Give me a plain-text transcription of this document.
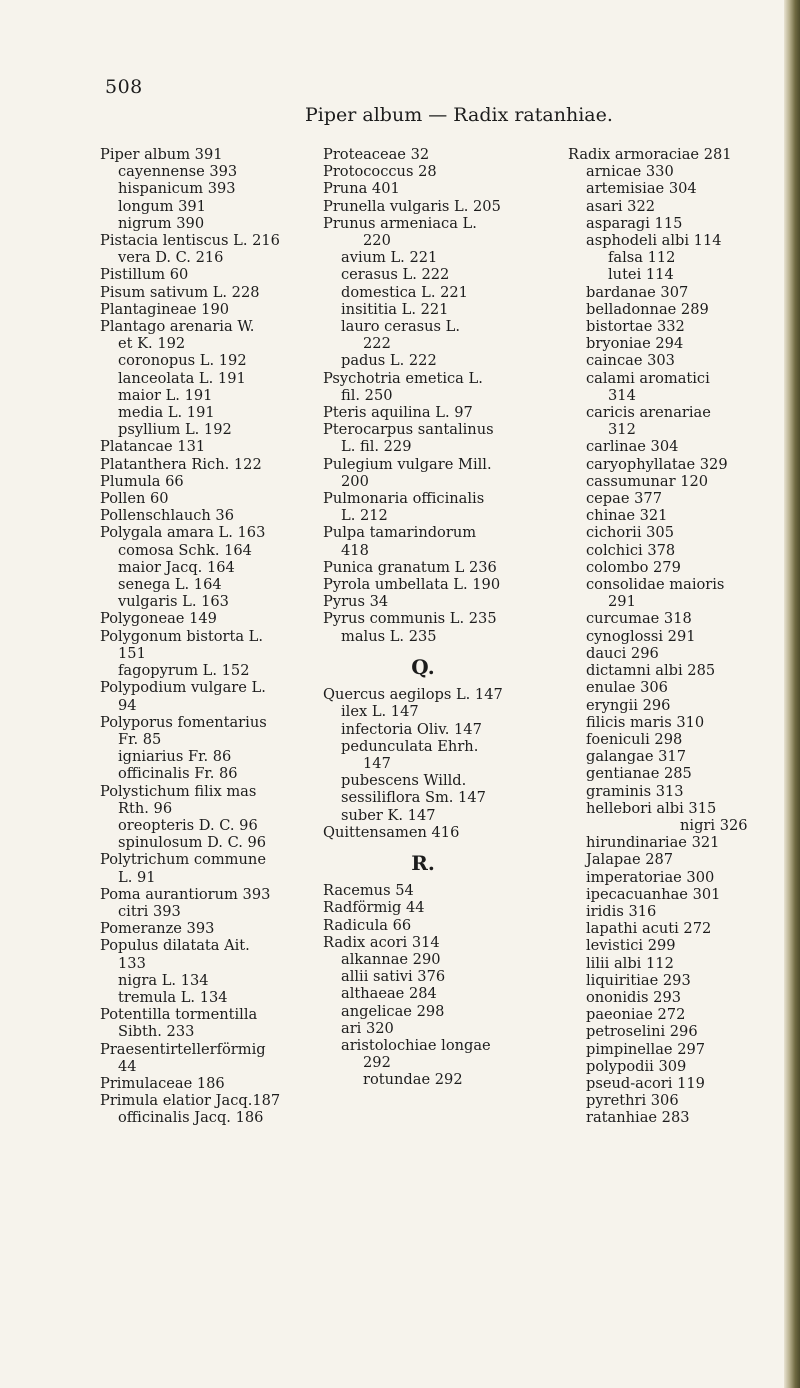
508
Piper album — Radix ratanhiae.
Piper album 391
cayennense 393
hispanicum 393
longum 391
nigrum 390
Pistacia lentiscus L. 216
vera D. C. 216
Pistillum 60
Pisum sativum L. 228
Plantagineae 190
Plantago arenaria W.
et K. 192
coronopus L. 192
lanceolata L. 191
maior L. 191
media L. 191
psyllium L. 192
Platancae 131
Platanthera Rich. 122
Plumula 66
Pollen 60
Pollenschlauch 36
Polygala amara L. 163
comosa Schk. 164
maior Jacq. 164
senega L. 164
vulgaris L. 163
Polygoneae 149
Polygonum bistorta L.
151
fagopyrum L. 152
Polypodium vulgare L.
94
Polyporus fomentarius
Fr. 85
igniarius Fr. 86
officinalis Fr. 86
Polystichum filix mas
Rth. 96
oreopteris D. C. 96
spinulosum D. C. 96
Polytrichum commune
L. 91
Poma aurantiorum 393
citri 393
Pomeranze 393
Populus dilatata Ait.
133
nigra L. 134
tremula L. 134
Potentilla tormentilla
Sibth. 233
Praesentirtellerförmig
44
Primulaceae 186
Primula elatior Jacq.187
officinalis Jacq. 186
Proteaceae 32
Protococcus 28
Pruna 401
Prunella vulgaris L. 205
Prunus armeniaca L.
220
avium L. 221
cerasus L. 222
domestica L. 221
insititia L. 221
lauro cerasus L.
222
padus L. 222
Psychotria emetica L.
fil. 250
Pteris aquilina L. 97
Pterocarpus santalinus
L. fil. 229
Pulegium vulgare Mill.
200
Pulmonaria officinalis
L. 212
Pulpa tamarindorum
418
Punica granatum L 236
Pyrola umbellata L. 190
Pyrus 34
Pyrus communis L. 235
malus L. 235
Q.
Quercus aegilops L. 147
ilex L. 147
infectoria Oliv. 147
pedunculata Ehrh.
147
pubescens Willd.
sessiliflora Sm. 147
suber K. 147
Quittensamen 416
R.
Racemus 54
Radförmig 44
Radicula 66
Radix acori 314
alkannae 290
allii sativi 376
althaeae 284
angelicae 298
ari 320
aristolochiae longae
292
rotundae 292
Radix armoraciae 281
arnicae 330
artemisiae 304
asari 322
asparagi 115
asphodeli albi 114
falsa 112
lutei 114
bardanae 307
belladonnae 289
bistortae 332
bryoniae 294
caincae 303
calami aromatici
314
caricis arenariae
312
carlinae 304
caryophyllatae 329
cassumunar 120
cepae 377
chinae 321
cichorii 305
colchici 378
colombo 279
consolidae maioris
291
curcumae 318
cynoglossi 291
dauci 296
dictamni albi 285
enulae 306
eryngii 296
filicis maris 310
foeniculi 298
galangae 317
gentianae 285
graminis 313
hellebori albi 315
nigri 326
hirundinariae 321
Jalapae 287
imperatoriae 300
ipecacuanhae 301
iridis 316
lapathi acuti 272
levistici 299
lilii albi 112
liquiritiae 293
ononidis 293
paeoniae 272
petroselini 296
pimpinellae 297
polypodii 309
pseud-acori 119
pyrethri 306
ratanhiae 283
